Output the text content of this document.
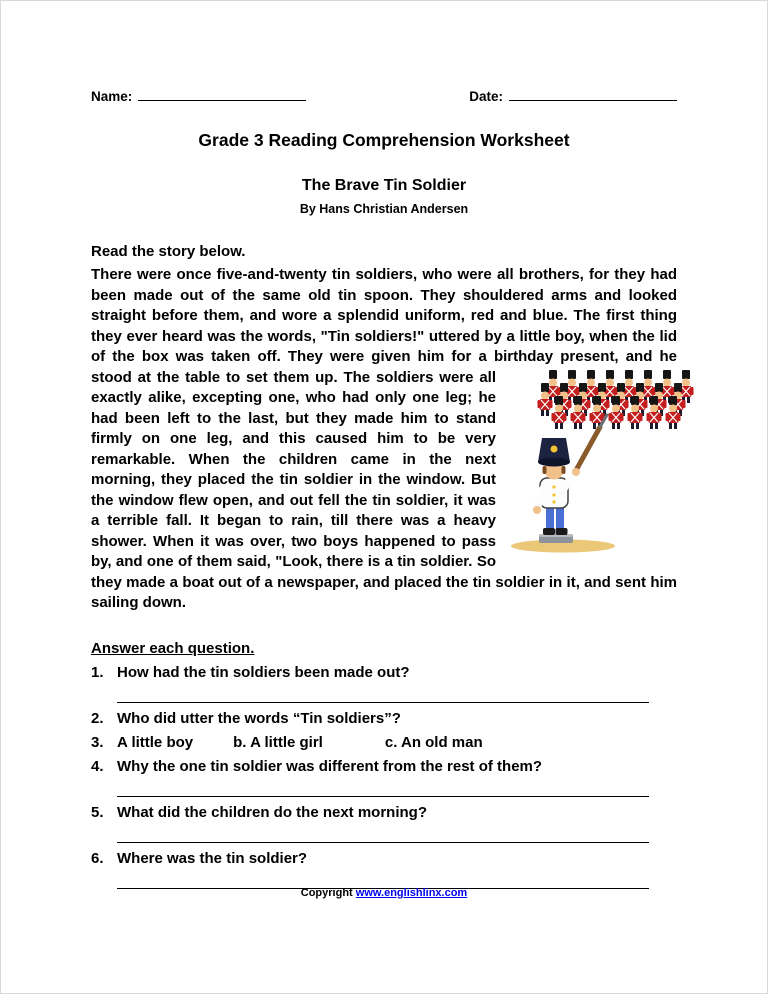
Name:	Date:
Grade 3 Reading Comprehension Worksheet
The Brave Tin Soldier
By Hans Christian Andersen

Read the story below.

There were once five-and-twenty tin soldiers, who were all brothers, for they had been made out of the same old tin spoon. They shouldered arms and looked straight before them, and wore a splendid uniform, red and blue. The first thing they ever heard was the words, "Tin soldiers!" uttered by a little boy, when the lid of the box was taken off. They were given him for a birthday present, and he stood at the table to set them up. The soldiers were all exactly alike, excepting one, who had only one leg; he had been left to the last, but they made him to stand firmly on one leg, and this caused him to be very remarkable. When the children came in the next morning, they placed the tin soldier in the window. But the window flew open, and out fell the tin soldier, it was a terrible fall. It began to rain, till there was a heavy shower. When it was over, two boys happened to pass by, and one of them said, "Look, there is a tin soldier. So they made a boat out of a newspaper, and placed the tin soldier in it, and sent him sailing down.

Answer each question.

1. How had the tin soldiers been made out?
2. Who did utter the words “Tin soldiers”?
3. A little boy	b. A little girl	c. An old man
4. Why the one tin soldier was different from the rest of them?
5. What did the children do the next morning?
6. Where was the tin soldier?
Copyright www.englishlinx.com
